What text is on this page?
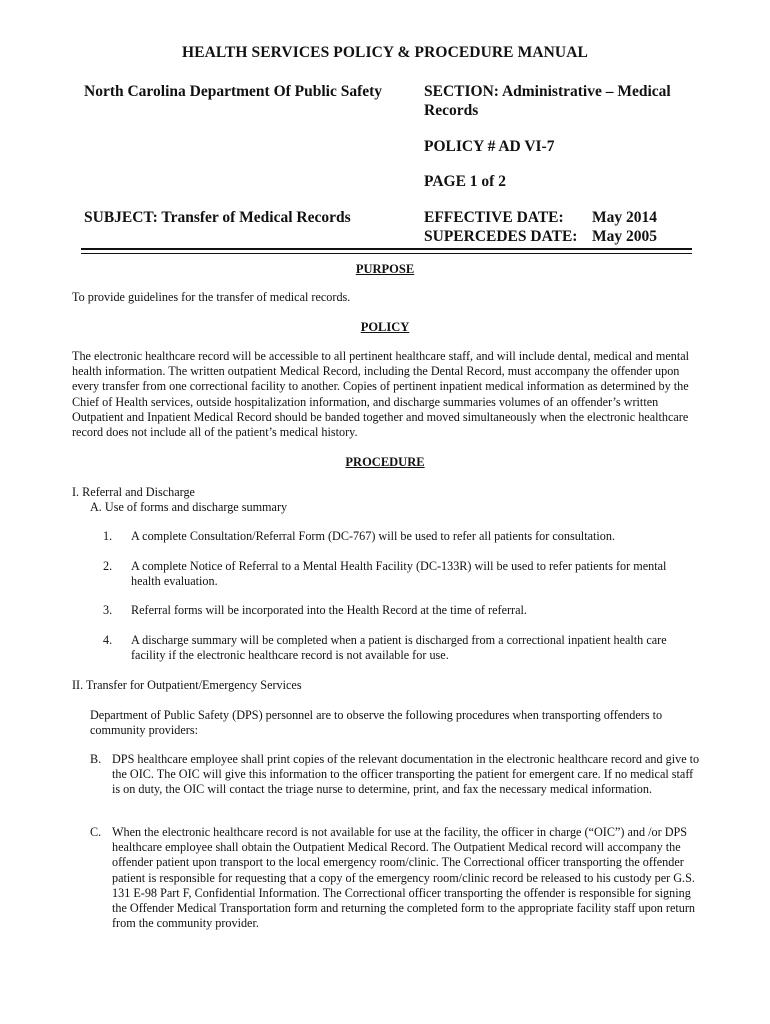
HEALTH SERVICES POLICY & PROCEDURE MANUAL
North Carolina Department Of Public Safety	SECTION: Administrative – Medical Records
POLICY # AD VI-7
PAGE 1 of 2
SUBJECT: Transfer of Medical Records	EFFECTIVE DATE: May 2014
SUPERCEDES DATE: May 2005
PURPOSE
To provide guidelines for the transfer of medical records.
POLICY
The electronic healthcare record will be accessible to all pertinent healthcare staff, and will include dental, medical and mental health information. The written outpatient Medical Record, including the Dental Record, must accompany the offender upon every transfer from one correctional facility to another. Copies of pertinent inpatient medical information as determined by the Chief of Health services, outside hospitalization information, and discharge summaries volumes of an offender’s written Outpatient and Inpatient Medical Record should be banded together and moved simultaneously when the electronic healthcare record does not include all of the patient’s medical history.
PROCEDURE
I. Referral and Discharge
A. Use of forms and discharge summary
1.	A complete Consultation/Referral Form (DC-767) will be used to refer all patients for consultation.
2.	A complete Notice of Referral to a Mental Health Facility (DC-133R) will be used to refer patients for mental health evaluation.
3.	Referral forms will be incorporated into the Health Record at the time of referral.
4.	A discharge summary will be completed when a patient is discharged from a correctional inpatient health care facility if the electronic healthcare record is not available for use.
II. Transfer for Outpatient/Emergency Services
Department of Public Safety (DPS) personnel are to observe the following procedures when transporting offenders to community providers:
B. DPS healthcare employee shall print copies of the relevant documentation in the electronic healthcare record and give to the OIC. The OIC will give this information to the officer transporting the patient for emergent care. If no medical staff is on duty, the OIC will contact the triage nurse to determine, print, and fax the necessary medical information.
C. When the electronic healthcare record is not available for use at the facility, the officer in charge (“OIC”) and /or DPS healthcare employee shall obtain the Outpatient Medical Record. The Outpatient Medical record will accompany the offender patient upon transport to the local emergency room/clinic. The Correctional officer transporting the offender patient is responsible for requesting that a copy of the emergency room/clinic record be released to his custody per G.S. 131 E-98 Part F, Confidential Information. The Correctional officer transporting the offender is responsible for signing the Offender Medical Transportation form and returning the completed form to the appropriate facility staff upon return from the community provider.
